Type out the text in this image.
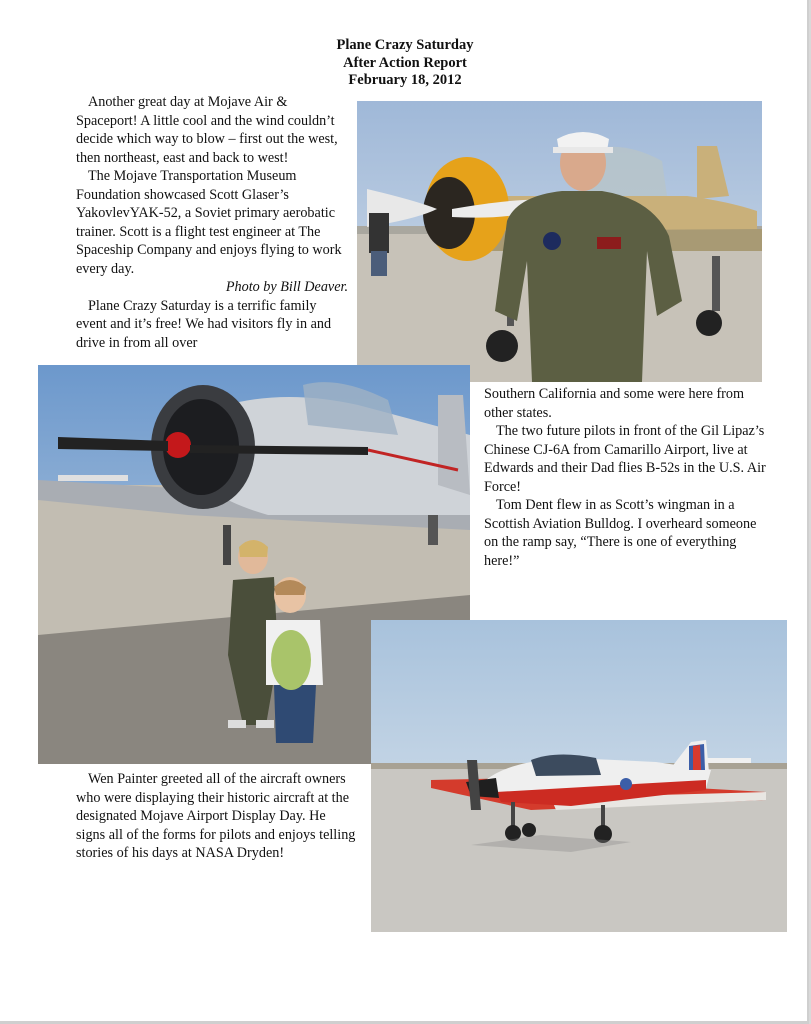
Plane Crazy Saturday
After Action Report
February 18, 2012

Another great day at Mojave Air & Spaceport! A little cool and the wind couldn’t decide which way to blow – first out the west, then northeast, east and back to west!

The Mojave Transportation Museum Foundation showcased Scott Glaser’s YakovlevYAK-52, a Soviet primary aerobatic trainer. Scott is a flight test engineer at The Spaceship Company and enjoys flying to work every day.

Photo by Bill Deaver.

Plane Crazy Saturday is a terrific family event and it’s free! We had visitors fly in and drive in from all over

Southern California and some were here from other states.

The two future pilots in front of the Gil Lipaz’s Chinese CJ-6A from Camarillo Airport, live at Edwards and their Dad flies B-52s in the U.S. Air Force!

Tom Dent flew in as Scott’s wingman in a Scottish Aviation Bulldog. I overheard someone on the ramp say, “There is one of everything here!”

Wen Painter greeted all of the aircraft owners who were displaying their historic aircraft at the designated Mojave Airport Display Day. He signs all of the forms for pilots and enjoys telling stories of his days at NASA Dryden!
